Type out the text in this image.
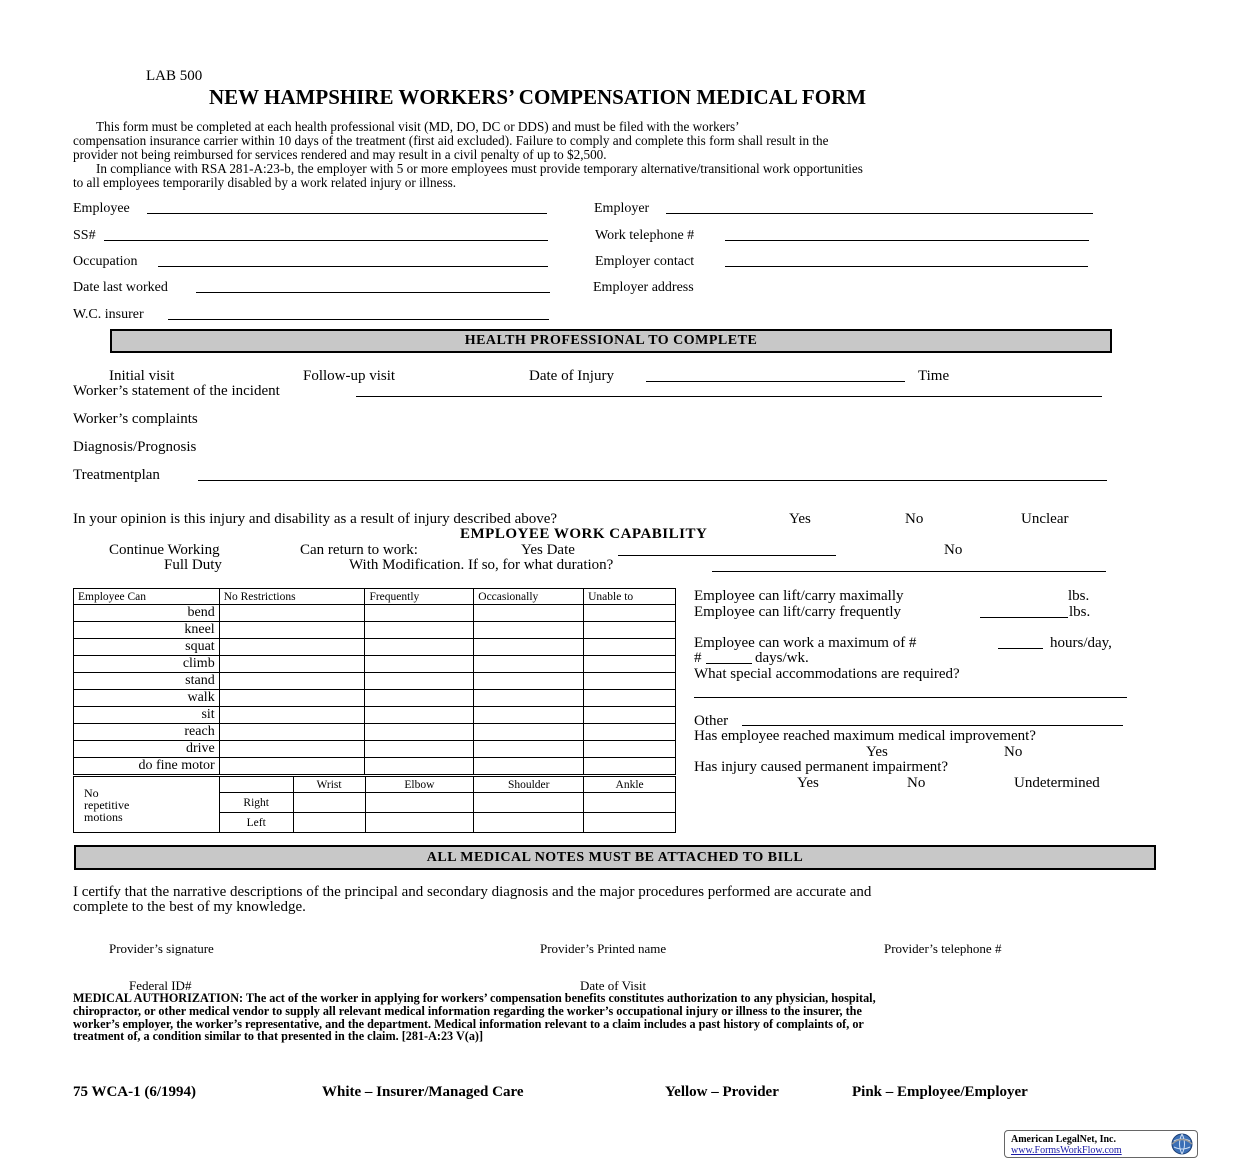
LAB 500
NEW HAMPSHIRE WORKERS’ COMPENSATION MEDICAL FORM
This form must be completed at each health professional visit (MD, DO, DC or DDS) and must be filed with the workers’
compensation insurance carrier within 10 days of the treatment (first aid excluded). Failure to comply and complete this form shall result in the
provider not being reimbursed for services rendered and may result in a civil penalty of up to $2,500.
In compliance with RSA 281-A:23-b, the employer with 5 or more employees must provide temporary alternative/transitional work opportunities
to all employees temporarily disabled by a work related injury or illness.
Employee
SS#
Occupation
Date last worked
W.C. insurer
Employer
Work telephone #
Employer contact
Employer address
HEALTH PROFESSIONAL TO COMPLETE
Initial visit	Follow-up visit	Date of Injury	Time
Worker’s statement of the incident
Worker’s complaints
Diagnosis/Prognosis
Treatmentplan
In your opinion is this injury and disability as a result of injury described above?	Yes	No	Unclear
EMPLOYEE WORK CAPABILITY
Continue Working	Can return to work:	Yes Date	No
Full Duty	With Modification. If so, for what duration?
Employee Can	No Restrictions	Frequently	Occasionally	Unable to
bend				
kneel				
squat				
climb				
stand				
walk				
sit				
reach				
drive				
do fine motor				
No
repetitive
motions		Wrist	Elbow	Shoulder	Ankle
	Right				
	Left				
Employee can lift/carry maximally	lbs.
Employee can lift/carry frequently	lbs.
Employee can work a maximum of #	hours/day,
#	days/wk.
What special accommodations are required?
Other
Has employee reached maximum medical improvement?
Yes	No
Has injury caused permanent impairment?
Yes	No	Undetermined
ALL MEDICAL NOTES MUST BE ATTACHED TO BILL
I certify that the narrative descriptions of the principal and secondary diagnosis and the major procedures performed are accurate and
complete to the best of my knowledge.
Provider’s signature	Provider’s Printed name	Provider’s telephone #
Federal ID#	Date of Visit
MEDICAL AUTHORIZATION: The act of the worker in applying for workers’ compensation benefits constitutes authorization to any physician, hospital,
chiropractor, or other medical vendor to supply all relevant medical information regarding the worker’s occupational injury or illness to the insurer, the
worker’s employer, the worker’s representative, and the department. Medical information relevant to a claim includes a past history of complaints of, or
treatment of, a condition similar to that presented in the claim. [281-A:23 V(a)]
75 WCA-1 (6/1994)	White – Insurer/Managed Care	Yellow – Provider	Pink – Employee/Employer
American LegalNet, Inc.
www.FormsWorkFlow.com
